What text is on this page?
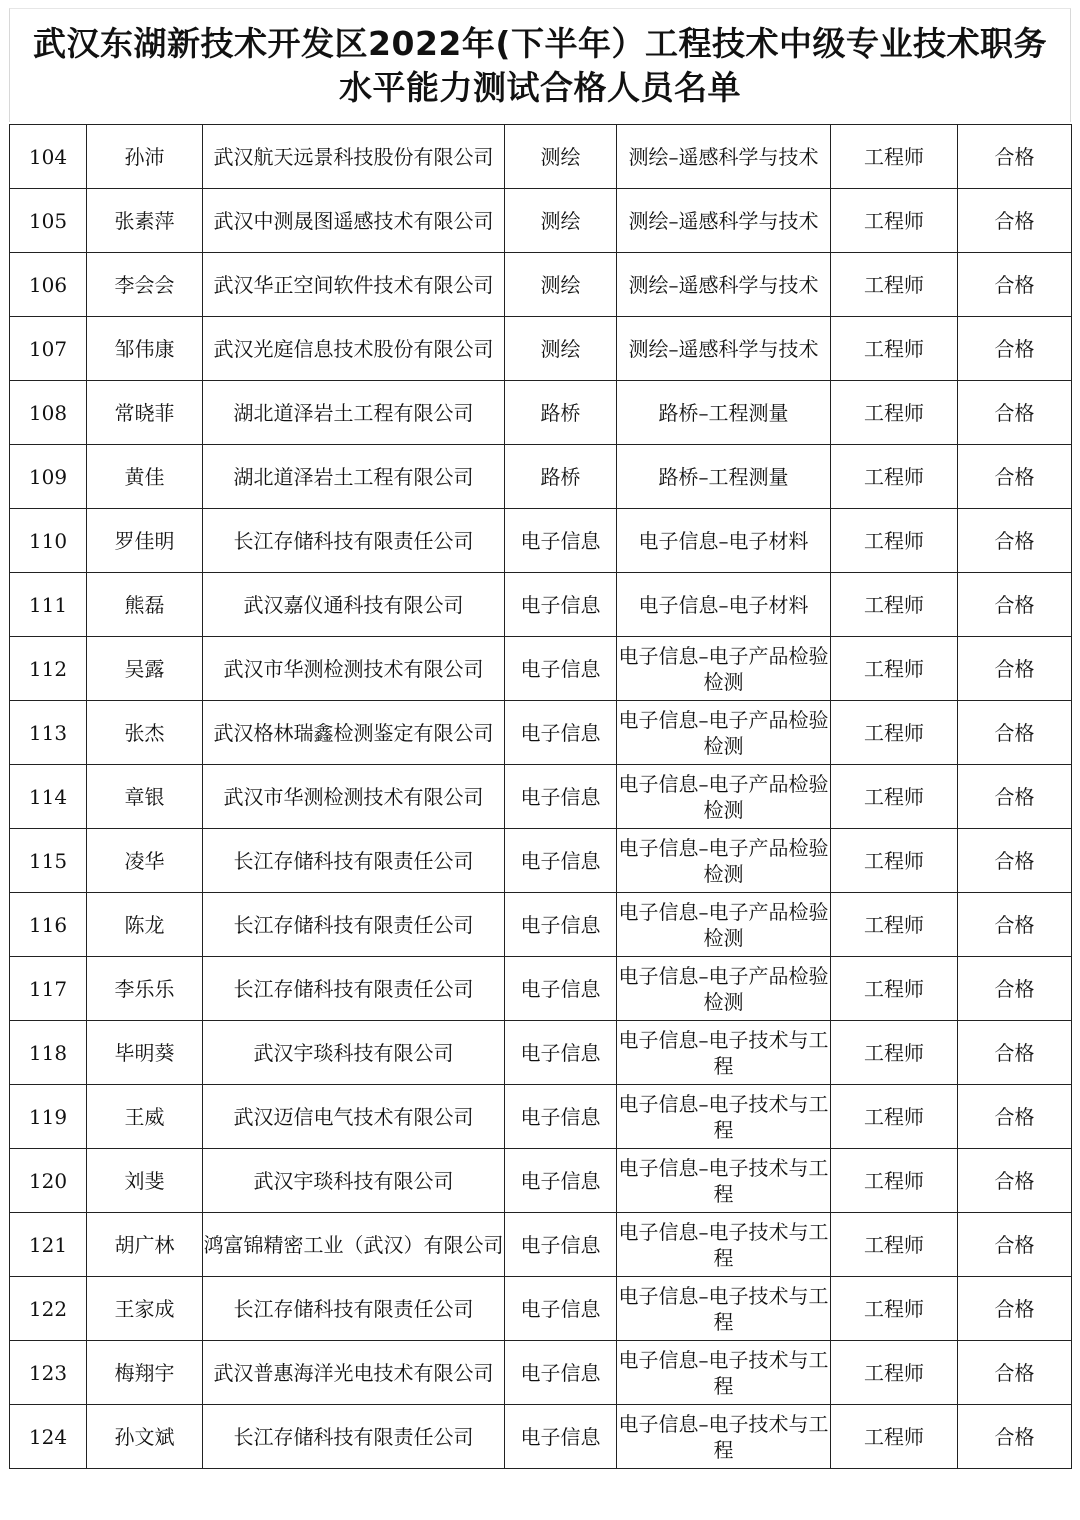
武汉东湖新技术开发区2022年(下半年）工程技术中级专业技术职务
水平能力测试合格人员名单
104	孙沛	武汉航天远景科技股份有限公司	测绘	测绘–遥感科学与技术	工程师	合格
105	张素萍	武汉中测晟图遥感技术有限公司	测绘	测绘–遥感科学与技术	工程师	合格
106	李会会	武汉华正空间软件技术有限公司	测绘	测绘–遥感科学与技术	工程师	合格
107	邹伟康	武汉光庭信息技术股份有限公司	测绘	测绘–遥感科学与技术	工程师	合格
108	常晓菲	湖北道泽岩土工程有限公司	路桥	路桥–工程测量	工程师	合格
109	黄佳	湖北道泽岩土工程有限公司	路桥	路桥–工程测量	工程师	合格
110	罗佳明	长江存储科技有限责任公司	电子信息	电子信息–电子材料	工程师	合格
111	熊磊	武汉嘉仪通科技有限公司	电子信息	电子信息–电子材料	工程师	合格
112	吴露	武汉市华测检测技术有限公司	电子信息	电子信息–电子产品检验检测	工程师	合格
113	张杰	武汉格林瑞鑫检测鉴定有限公司	电子信息	电子信息–电子产品检验检测	工程师	合格
114	章银	武汉市华测检测技术有限公司	电子信息	电子信息–电子产品检验检测	工程师	合格
115	凌华	长江存储科技有限责任公司	电子信息	电子信息–电子产品检验检测	工程师	合格
116	陈龙	长江存储科技有限责任公司	电子信息	电子信息–电子产品检验检测	工程师	合格
117	李乐乐	长江存储科技有限责任公司	电子信息	电子信息–电子产品检验检测	工程师	合格
118	毕明葵	武汉宇琰科技有限公司	电子信息	电子信息–电子技术与工程	工程师	合格
119	王威	武汉迈信电气技术有限公司	电子信息	电子信息–电子技术与工程	工程师	合格
120	刘斐	武汉宇琰科技有限公司	电子信息	电子信息–电子技术与工程	工程师	合格
121	胡广林	鸿富锦精密工业（武汉）有限公司	电子信息	电子信息–电子技术与工程	工程师	合格
122	王家成	长江存储科技有限责任公司	电子信息	电子信息–电子技术与工程	工程师	合格
123	梅翔宇	武汉普惠海洋光电技术有限公司	电子信息	电子信息–电子技术与工程	工程师	合格
124	孙文斌	长江存储科技有限责任公司	电子信息	电子信息–电子技术与工程	工程师	合格
